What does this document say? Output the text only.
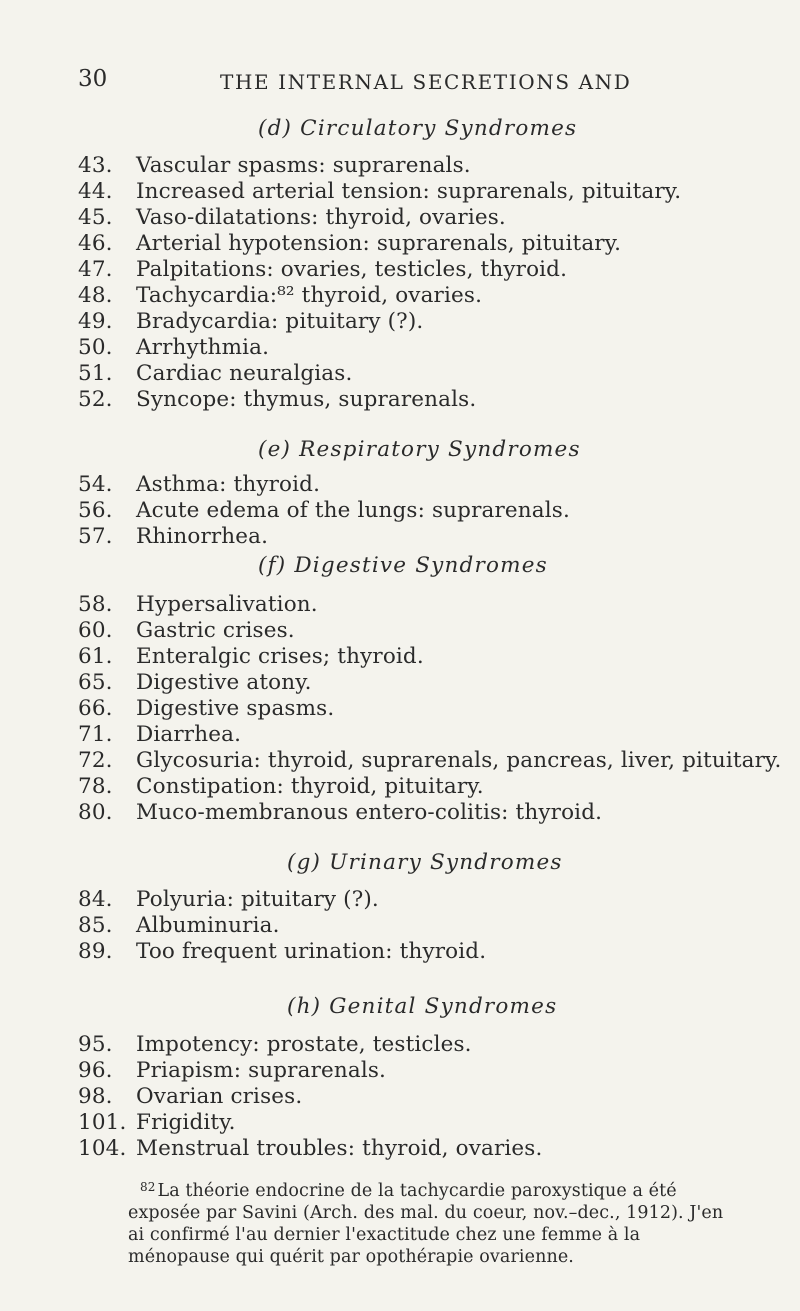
30	THE INTERNAL SECRETIONS AND
(d) Circulatory Syndromes
43. Vascular spasms: suprarenals.
44. Increased arterial tension: suprarenals, pituitary.
45. Vaso-dilatations: thyroid, ovaries.
46. Arterial hypotension: suprarenals, pituitary.
47. Palpitations: ovaries, testicles, thyroid.
48. Tachycardia:⁸² thyroid, ovaries.
49. Bradycardia: pituitary (?).
50. Arrhythmia.
51. Cardiac neuralgias.
52. Syncope: thymus, suprarenals.
(e) Respiratory Syndromes
54. Asthma: thyroid.
56. Acute edema of the lungs: suprarenals.
57. Rhinorrhea.
(f) Digestive Syndromes
58. Hypersalivation.
60. Gastric crises.
61. Enteralgic crises; thyroid.
65. Digestive atony.
66. Digestive spasms.
71. Diarrhea.
72. Glycosuria: thyroid, suprarenals, pancreas, liver, pituitary.
78. Constipation: thyroid, pituitary.
80. Muco-membranous entero-colitis: thyroid.
(g) Urinary Syndromes
84. Polyuria: pituitary (?).
85. Albuminuria.
89. Too frequent urination: thyroid.
(h) Genital Syndromes
95. Impotency: prostate, testicles.
96. Priapism: suprarenals.
98. Ovarian crises.
101. Frigidity.
104. Menstrual troubles: thyroid, ovaries.
$^{82}$ La théorie endocrine de la tachycardie paroxystique a été exposée par Savini (Arch. des mal. du coeur, nov.–dec., 1912). J'en ai confirmé l'au dernier l'exactitude chez une femme à la ménopause qui quérit par opothérapie ovarienne.
